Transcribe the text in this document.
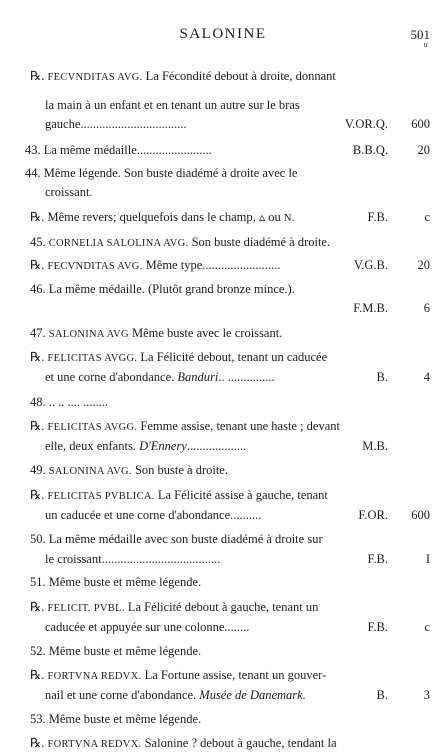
SALONINE	501
tr
℞. FECVNDITAS AVG. La Fécondité debout à droite, donnant
la main à un enfant et en tenant un autre sur le bras
gauche..................................	V.OR.Q. 600
43. La même médaille........................	B.B.Q. 20
44. Même légende. Son buste diadémé à droite avec le
croissant.
℞. Même revers; quelquefois dans le champ, ▵ ou N.	F.B.	c
45. CORNELIA SALOLINA AVG. Son buste diadémé à droite.
℞. FECVNDITAS AVG. Même type.........................	V.G.B. 20
46. La même médaille. (Plutôt grand bronze mince.).
F.M.B.	6
47. SALONINA AVG Même buste avec le croissant.
℞. FELICITAS AVGG. La Félicité debout, tenant un caducée
et une corne d'abondance. Banduri.. ...............	B.	4
48. .. .. .... ........
℞. FELICITAS AVGG. Femme assise, tenant une haste ; devant
elle, deux enfants. D'Ennery...................	M.B.
49. SALONINA AVG. Son buste à droite.
℞. FELICITAS PVBLICA. La Félicité assise à gauche, tenant
un caducée et une corne d'abondance..........	F.OR. 600
50. La même médaille avec son buste diadémé à droite sur
le croissant......................................	F.B.	I
51. Même buste et même légende.
℞. FELICIT. PVBL. La Félicité debout à gauche, tenant un
caducée et appuyée sur une colonne........	F.B.	c
52. Même buste et même légende.
℞. FORTVNA REDVX. La Fortune assise, tenant un gouver-
nail et une corne d'abondance. Musée de Danemark.	B.	3
53. Même buste et même légende.
℞. FORTVNA REDVX. Salonine ? debout à gauche, tendant la
